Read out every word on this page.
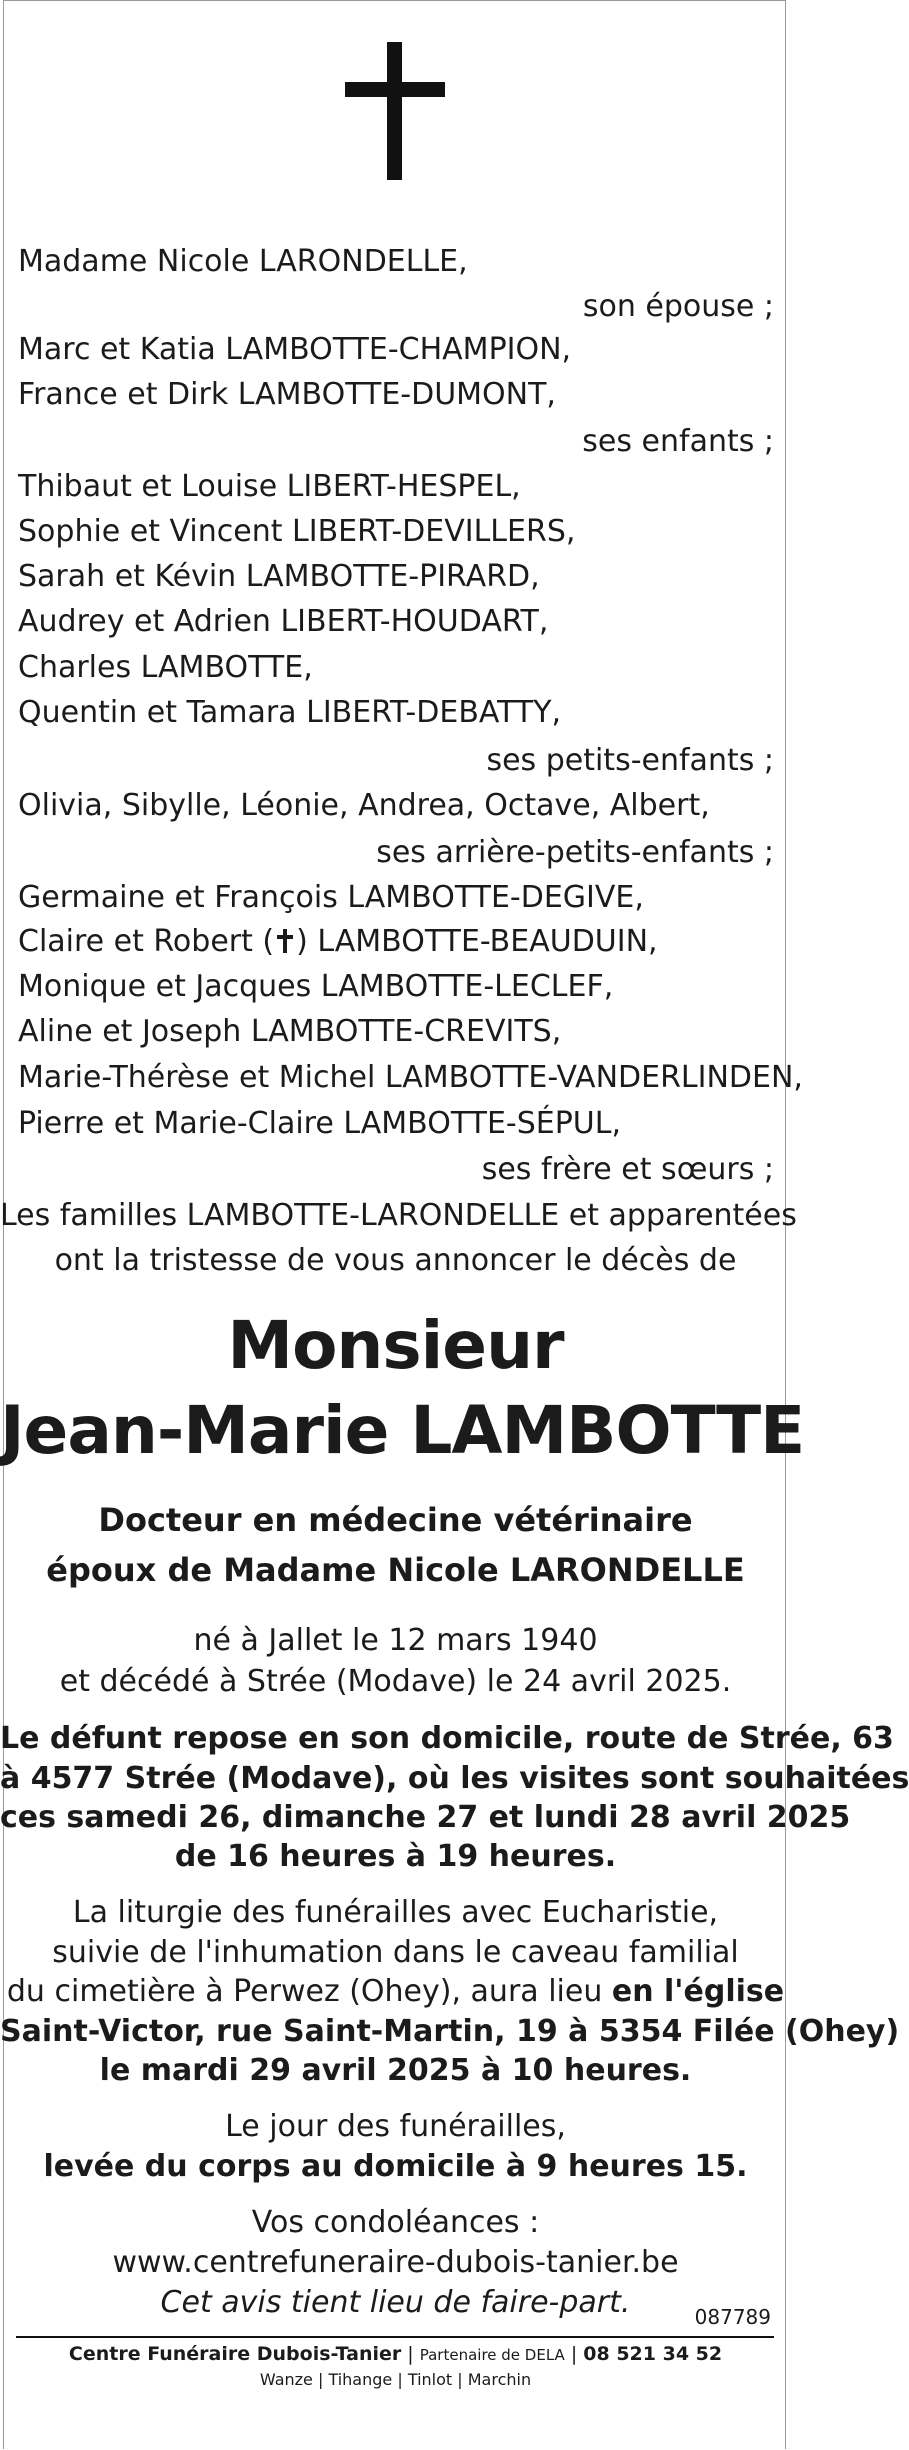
Madame Nicole LARONDELLE,
son épouse ;
Marc et Katia LAMBOTTE-CHAMPION,
France et Dirk LAMBOTTE-DUMONT,
ses enfants ;
Thibaut et Louise LIBERT-HESPEL,
Sophie et Vincent LIBERT-DEVILLERS,
Sarah et Kévin LAMBOTTE-PIRARD,
Audrey et Adrien LIBERT-HOUDART,
Charles LAMBOTTE,
Quentin et Tamara LIBERT-DEBATTY,
ses petits-enfants ;
Olivia, Sibylle, Léonie, Andrea, Octave, Albert,
ses arrière-petits-enfants ;
Germaine et François LAMBOTTE-DEGIVE,
Claire et Robert ( ) LAMBOTTE-BEAUDUIN,
Monique et Jacques LAMBOTTE-LECLEF,
Aline et Joseph LAMBOTTE-CREVITS,
Marie-Thérèse et Michel LAMBOTTE-VANDERLINDEN,
Pierre et Marie-Claire LAMBOTTE-SÉPUL,
ses frère et sœurs ;
Les familles LAMBOTTE-LARONDELLE et apparentées
ont la tristesse de vous annoncer le décès de
Monsieur
Jean-Marie LAMBOTTE
Docteur en médecine vétérinaire
époux de Madame Nicole LARONDELLE
né à Jallet le 12 mars 1940
et décédé à Strée (Modave) le 24 avril 2025.
Le défunt repose en son domicile, route de Strée, 63
à 4577 Strée (Modave), où les visites sont souhaitées
ces samedi 26, dimanche 27 et lundi 28 avril 2025
de 16 heures à 19 heures.
La liturgie des funérailles avec Eucharistie,
suivie de l'inhumation dans le caveau familial
du cimetière à Perwez (Ohey), aura lieu en l'église
Saint-Victor, rue Saint-Martin, 19 à 5354 Filée (Ohey)
le mardi 29 avril 2025 à 10 heures.
Le jour des funérailles,
levée du corps au domicile à 9 heures 15.
Vos condoléances :
www.centrefuneraire-dubois-tanier.be
Cet avis tient lieu de faire-part.	087789
Centre Funéraire Dubois-Tanier | Partenaire de DELA | 08 521 34 52
Wanze | Tihange | Tinlot | Marchin
